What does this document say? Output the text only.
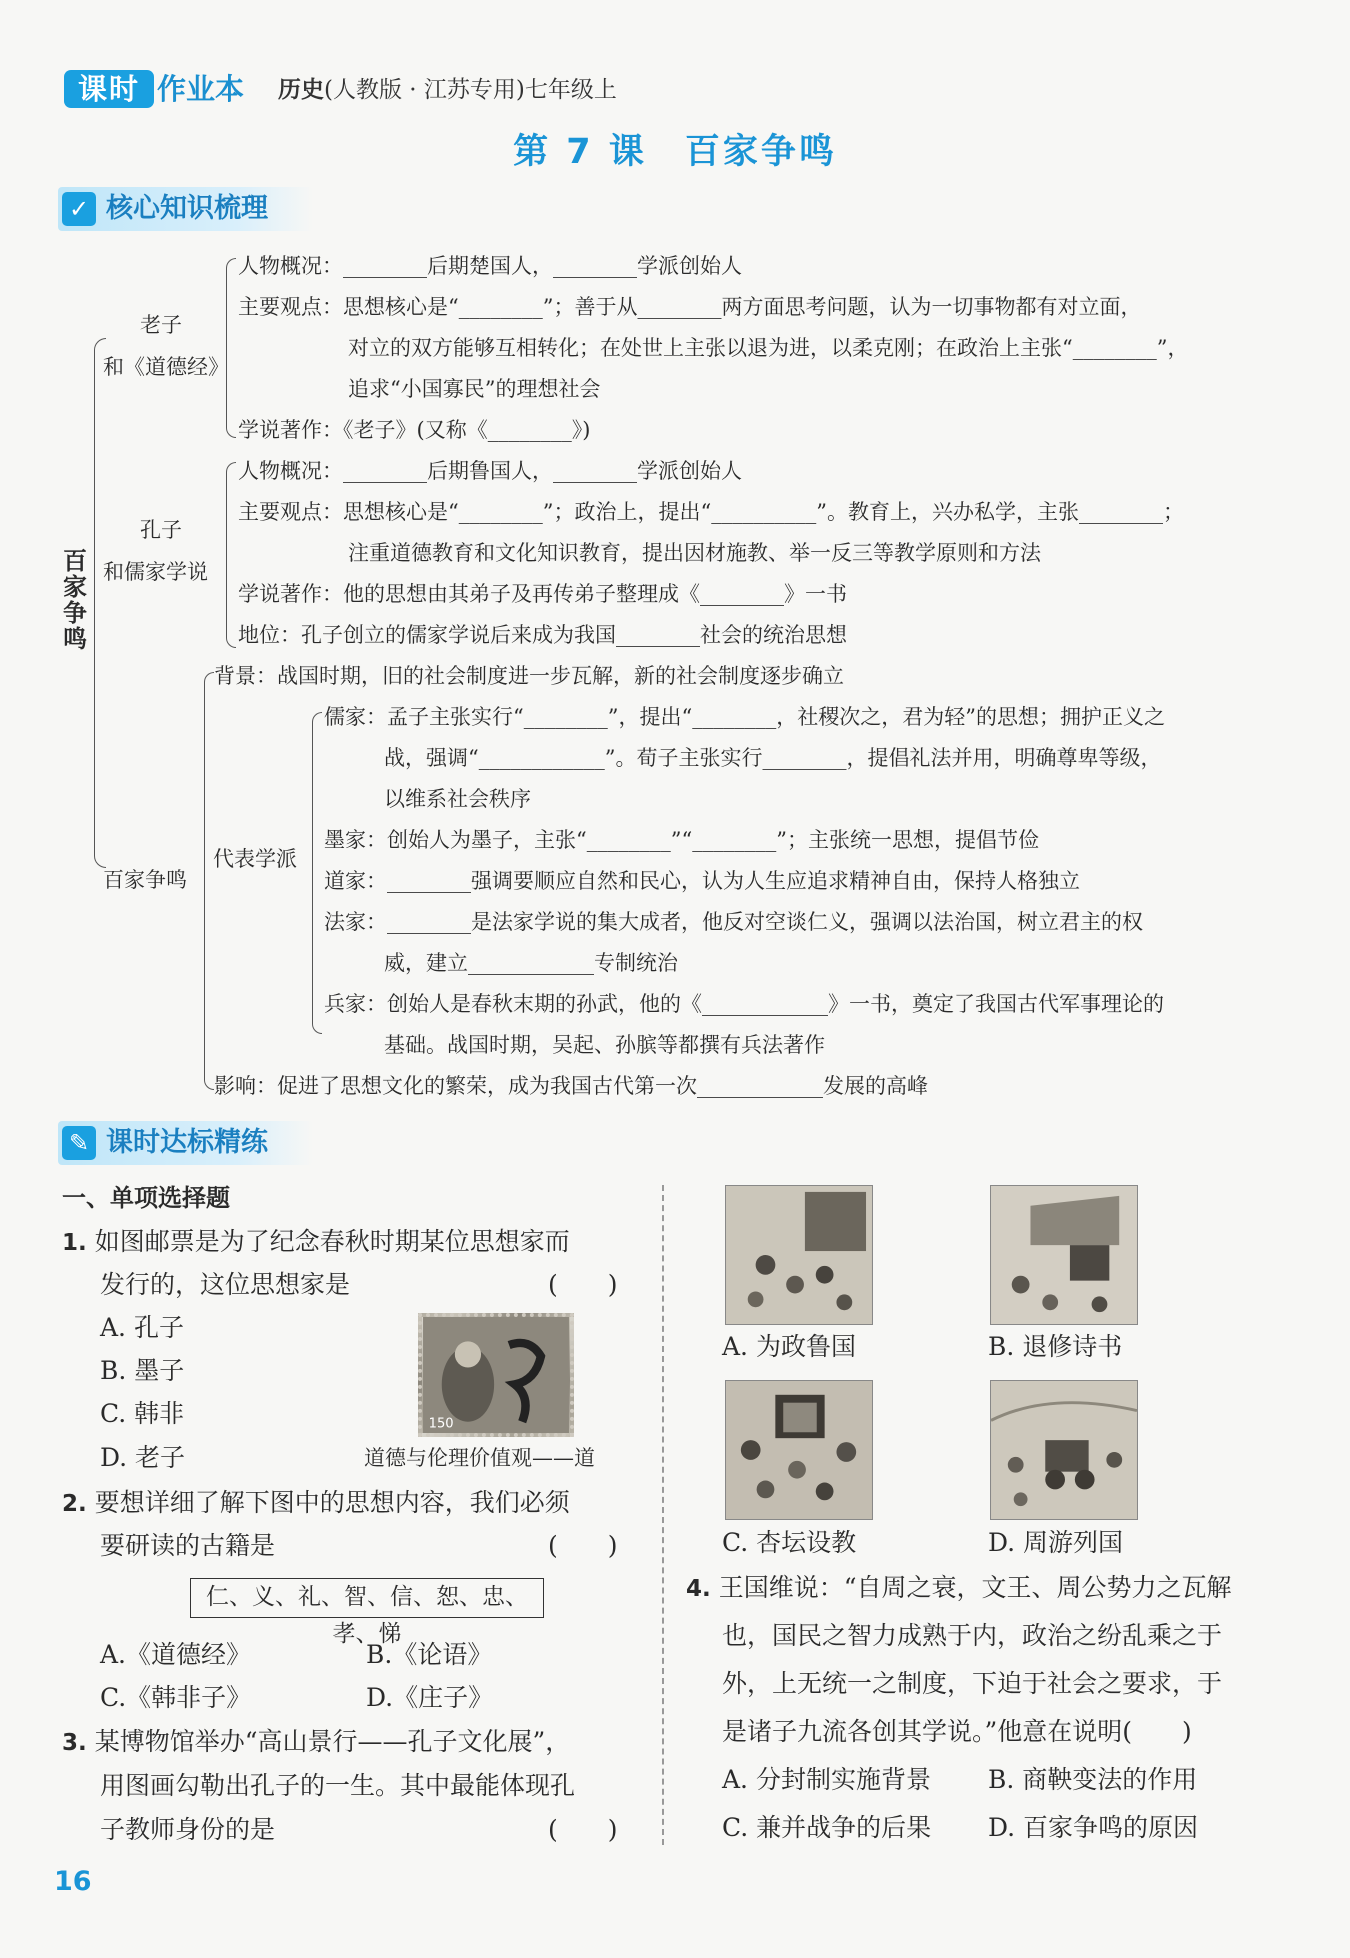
课时 作业本 历史(人教版 · 江苏专用)七年级上
第 7 课　百家争鸣
✓ 核心知识梳理
百家争鸣
老子
和《道德经》
人物概况：________后期楚国人，________学派创始人
主要观点：思想核心是“________”；善于从________两方面思考问题，认为一切事物都有对立面，
对立的双方能够互相转化；在处世上主张以退为进，以柔克刚；在政治上主张“________”，
追求“小国寡民”的理想社会
学说著作：《老子》(又称《________》)
孔子
和儒家学说
人物概况：________后期鲁国人，________学派创始人
主要观点：思想核心是“________”；政治上，提出“__________”。教育上，兴办私学，主张________；
注重道德教育和文化知识教育，提出因材施教、举一反三等教学原则和方法
学说著作：他的思想由其弟子及再传弟子整理成《________》一书
地位：孔子创立的儒家学说后来成为我国________社会的统治思想
百家争鸣
背景：战国时期，旧的社会制度进一步瓦解，新的社会制度逐步确立
代表学派
儒家：孟子主张实行“________”，提出“________，社稷次之，君为轻”的思想；拥护正义之
战，强调“____________”。荀子主张实行________，提倡礼法并用，明确尊卑等级，
以维系社会秩序
墨家：创始人为墨子，主张“________”“________”；主张统一思想，提倡节俭
道家：________强调要顺应自然和民心，认为人生应追求精神自由，保持人格独立
法家：________是法家学说的集大成者，他反对空谈仁义，强调以法治国，树立君主的权
威，建立____________专制统治
兵家：创始人是春秋末期的孙武，他的《____________》一书，奠定了我国古代军事理论的
基础。战国时期，吴起、孙膑等都撰有兵法著作
影响：促进了思想文化的繁荣，成为我国古代第一次____________发展的高峰
✎ 课时达标精练
一、单项选择题
1. 如图邮票是为了纪念春秋时期某位思想家而
发行的，这位思想家是	(　　)
A. 孔子
B. 墨子
C. 韩非
D. 老子
150
道德与伦理价值观——道
2. 要想详细了解下图中的思想内容，我们必须
要研读的古籍是	(　　)
仁、义、礼、智、信、恕、忠、孝、悌
A.《道德经》	B.《论语》
C.《韩非子》	D.《庄子》
3. 某博物馆举办“高山景行——孔子文化展”，
用图画勾勒出孔子的一生。其中最能体现孔
子教师身份的是	(　　)
A. 为政鲁国	B. 退修诗书
C. 杏坛设教	D. 周游列国
4. 王国维说：“自周之衰，文王、周公势力之瓦解
也，国民之智力成熟于内，政治之纷乱乘之于
外，上无统一之制度，下迫于社会之要求，于
是诸子九流各创其学说。”他意在说明(　　)
A. 分封制实施背景 B. 商鞅变法的作用
C. 兼并战争的后果 D. 百家争鸣的原因
16
